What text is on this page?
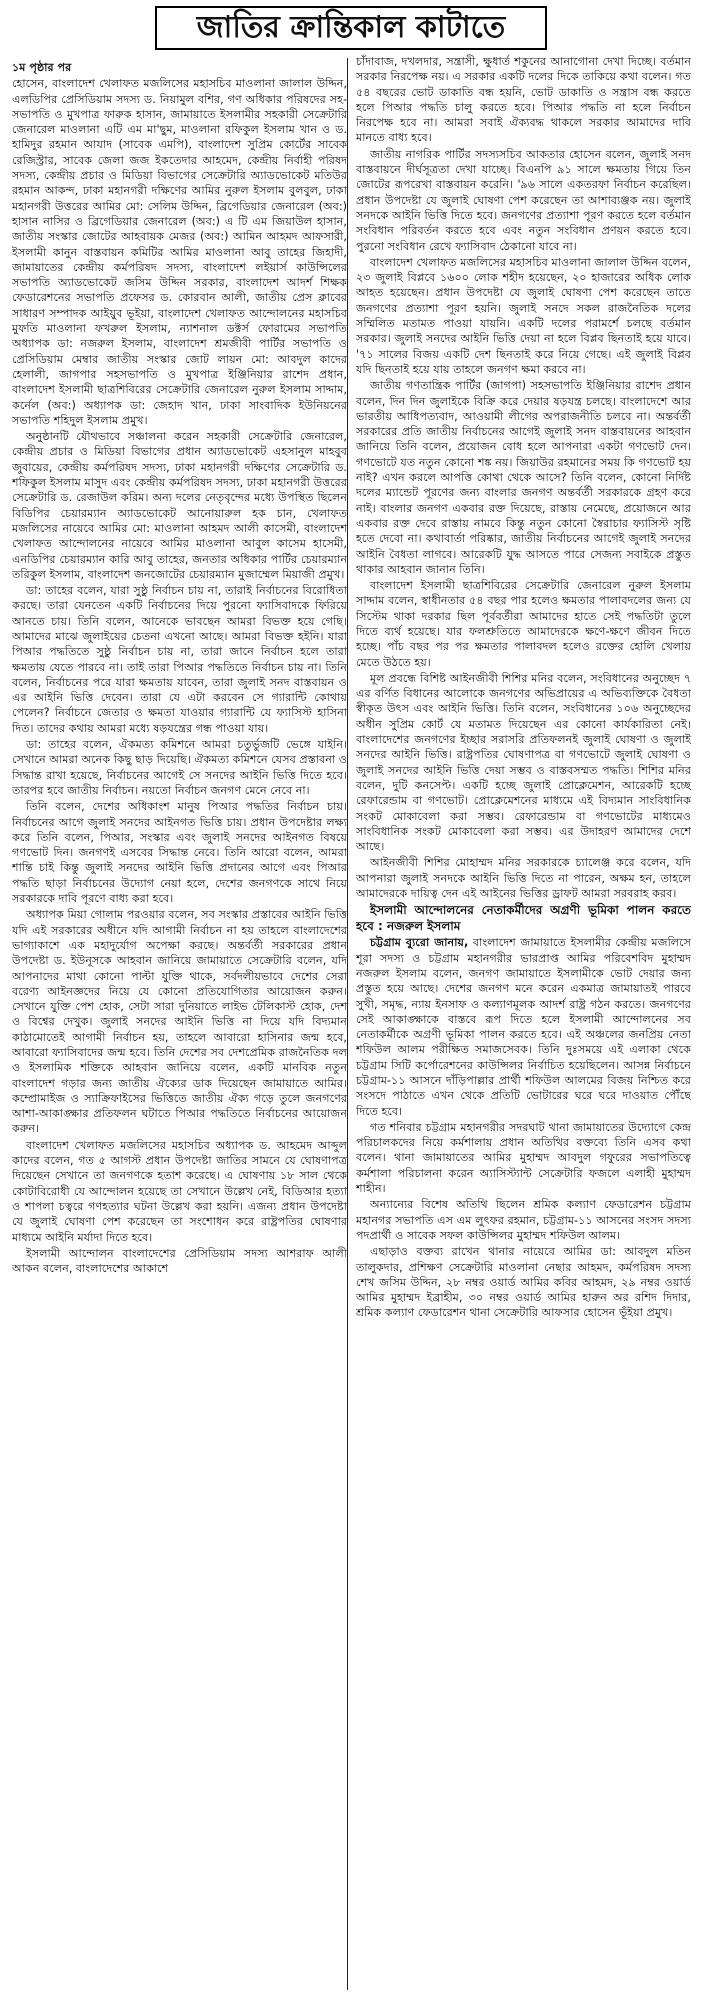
জাতির ক্রান্তিকাল কাটাতে

১ম পৃষ্ঠার পর

হোসেন, বাংলাদেশ খেলাফত মজলিসের মহাসচিব মাওলানা জালাল উদ্দিন, এলডিপির প্রেসিডিয়াম সদস্য ড. নিয়ামুল বশির, গণ অধিকার পরিষদের সহ-সভাপতি ও মুখপাত্র ফারুক হাসান, জামায়াতে ইসলামীর সহকারী সেক্রেটারি জেনারেল মাওলানা এটি এম মা'ছুম, মাওলানা রফিকুল ইসলাম খান ও ড. হামিদুর রহমান আযাদ (সাবেক এমপি), বাংলাদেশ সুপ্রিম কোর্টের সাবেক রেজিস্ট্রার, সাবেক জেলা জজ ইকতেদার আহমেদ, কেন্দ্রীয় নির্বাহী পরিষদ সদস্য, কেন্দ্রীয় প্রচার ও মিডিয়া বিভাগের সেক্রেটারি অ্যাডভোকেট মতিউর রহমান আকন্দ, ঢাকা মহানগরী দক্ষিণের আমির নুরুল ইসলাম বুলবুল, ঢাকা মহানগরী উত্তরের আমির মো: সেলিম উদ্দিন, ব্রিগেডিয়ার জেনারেল (অব:) হাসান নাসির ও ব্রিগেডিয়ার জেনারেল (অব:) এ টি এম জিয়াউল হাসান, জাতীয় সংস্কার জোটের আহবায়ক মেজর (অব:) আমিন আহমদ আফসারী, ইসলামী কানুন বাস্তবায়ন কমিটির আমির মাওলানা আবু তাহের জিহাদী, জামায়াতের কেন্দ্রীয় কর্মপরিষদ সদস্য, বাংলাদেশ লইয়ার্স কাউন্সিলের সভাপতি অ্যাডভোকেট জসিম উদ্দিন সরকার, বাংলাদেশ আদর্শ শিক্ষক ফেডারেশনের সভাপতি প্রফেসর ড. কোরবান আলী, জাতীয় প্রেস ক্লাবের সাধারণ সম্পাদক আইয়ুব ভূইয়া, বাংলাদেশ খেলাফত আন্দোলনের মহাসচিব মুফতি মাওলানা ফখরুল ইসলাম, ন্যাশনাল ডক্টর্স ফোরামের সভাপতি অধ্যাপক ডা: নজরুল ইসলাম, বাংলাদেশ শ্রমজীবী পার্টির সভাপতি ও প্রেসিডিয়াম মেম্বার জাতীয় সংস্কার জোট লায়ন মো: আবদুল কাদের হেলালী, জাগপার সহসভাপতি ও মুখপাত্র ইঞ্জিনিয়ার রাশেদ প্রধান, বাংলাদেশ ইসলামী ছাত্রশিবিরের সেক্রেটারি জেনারেল নুরুল ইসলাম সাদ্দাম, কর্নেল (অব:) অধ্যাপক ডা: জেহাদ খান, ঢাকা সাংবাদিক ইউনিয়নের সভাপতি শহিদুল ইসলাম প্রমুখ।

অনুষ্ঠানটি যৌথভাবে সঞ্চালনা করেন সহকারী সেক্রেটারি জেনারেল, কেন্দ্রীয় প্রচার ও মিডিয়া বিভাগের প্রধান অ্যাডভোকেট এহসানুল মাহবুব জুবায়ের, কেন্দ্রীয় কর্মপরিষদ সদস্য, ঢাকা মহানগরী দক্ষিণের সেক্রেটারি ড. শফিকুল ইসলাম মাসুদ এবং কেন্দ্রীয় কর্মপরিষদ সদস্য, ঢাকা মহানগরী উত্তরের সেক্রেটারি ড. রেজাউল করিম। অন্য দলের নেতৃবৃন্দের মধ্যে উপস্থিত ছিলেন বিডিপির চেয়ারম্যান অ্যাডভোকেট আনোয়ারুল হক চান, খেলাফত মজলিসের নায়েবে আমির মো: মাওলানা আহমদ আলী কাসেমী, বাংলাদেশ খেলাফত আন্দোলনের নায়েবে আমির মাওলানা আবুল কাসেম হাসেমী, এনডিপির চেয়ারম্যান কারি আবু তাহের, জনতার অধিকার পার্টির চেয়ারম্যান তরিকুল ইসলাম, বাংলাদেশ জনজোটের চেয়ারম্যান মুজাম্মেল মিয়াজী প্রমুখ।

ডা: তাহের বলেন, যারা সুষ্ঠু নির্বাচন চায় না, তারাই নির্বাচনের বিরোধিতা করছে। তারা যেনতেন একটি নির্বাচনের দিয়ে পুরনো ফ্যাসিবাদকে ফিরিয়ে আনতে চায়। তিনি বলেন, আনেকে ভাবছেন আমরা বিভক্ত হয়ে গেছি। আমাদের মাঝে জুলাইয়ের চেতনা এখনো আছে। আমরা বিভক্ত হইনি। যারা পিআর পদ্ধতিতে সুষ্ঠু নির্বাচন চায় না, তারা জানে নির্বাচন হলে তারা ক্ষমতায় যেতে পারবে না। তাই তারা পিআর পদ্ধতিতে নির্বাচন চায় না। তিনি বলেন, নির্বাচনের পরে যারা ক্ষমতায় যাবেন, তারা জুলাই সনদ বাস্তবায়ন ও এর আইনি ভিত্তি দেবেন। তারা যে এটা করবেন সে গ্যারান্টি কোথায় পেলেন? নির্বাচনে জেতার ও ক্ষমতা যাওয়ার গ্যারান্টি যে ফ্যাসিস্ট হাসিনা দিত। তাদের কথায় আমরা মধ্যে ষড়যন্ত্রের গন্ধ পাওয়া যায়।

ডা: তাহের বলেন, ঐকমত্য কমিশনে আমরা চতুর্ভুজটি ভেঙ্গে যাইনি। সেখানে আমরা অনেক কিছু ছাড় দিয়েছি। ঐকমত্য কমিশনে যেসব প্রস্তাবনা ও সিদ্ধান্ত রাখা হয়েছে, নির্বাচনের আগেই সে সনদের আইনি ভিত্তি দিতে হবে। তারপর হবে জাতীয় নির্বাচন। নয়তো নির্বাচন জনগণ মেনে নেবে না।

তিনি বলেন, দেশের অধিকাংশ মানুষ পিআর পদ্ধতির নির্বাচন চায়। নির্বাচনের আগে জুলাই সনদের আইনগত ভিত্তি চায়। প্রধান উপদেষ্টার লক্ষ্য করে তিনি বলেন, পিআর, সংস্কার এবং জুলাই সনদের আইনগত বিষয়ে গণভোট দিন। জনগণই এসবের সিদ্ধান্ত নেবে। তিনি আরো বলেন, আমরা শান্তি চাই কিন্তু জুলাই সনদের আইনি ভিত্তি প্রদানের আগে এবং পিআর পদ্ধতি ছাড়া নির্বাচনের উদ্যোগ নেয়া হলে, দেশের জনগণকে সাথে নিয়ে সরকারকে দাবি পূরণে বাধ্য করা হবে।

অধ্যাপক মিয়া গোলাম পরওয়ার বলেন, সব সংস্কার প্রস্তাবের আইনি ভিত্তি যদি এই সরকারের অধীনে যদি আগামী নির্বাচন না হয় তাহলে বাংলাদেশের ভাগ্যাকাশে এক মহাদুর্যোগ অপেক্ষা করছে। অন্তর্বর্তী সরকারের প্রধান উপদেষ্টা ড. ইউনূসকে আহবান জানিয়ে জামায়াতে সেক্রেটারি বলেন, যদি আপনাদের মাথা কোনো পাল্টা যুক্তি থাকে, সর্বদলীয়ভাবে দেশের সেরা বরেণ্য আইনজ্ঞদের নিয়ে যে কোনো প্রতিযোগিতার আয়োজন করুন। সেখানে যুক্তি পেশ হোক, সেটা সারা দুনিয়াতে লাইভ টেলিকাস্ট হোক, দেশ ও বিশ্বের দেখুক। জুলাই সনদের আইনি ভিত্তি না দিয়ে যদি বিদ্যমান কাঠামোতেই আগামী নির্বাচন হয়, তাহলে আবারো হাসিনার জন্ম হবে, আবারো ফ্যাসিবাদের জন্ম হবে। তিনি দেশের সব দেশপ্রেমিক রাজনৈতিক দল ও ইসলামিক শক্তিকে আহবান জানিয়ে বলেন, একটি মানবিক নতুন বাংলাদেশ গড়ার জন্য জাতীয় ঐক্যের ডাক দিয়েছেন জামায়াতে আমির। কম্প্রোমাইজ ও স্যাক্রিফাইসের ভিত্তিতে জাতীয় ঐক্য গড়ে তুলে জনগণের আশা-আকাঙ্ক্ষার প্রতিফলন ঘটাতে পিআর পদ্ধতিতে নির্বাচনের আয়োজন করুন।

বাংলাদেশ খেলাফত মজলিসের মহাসচিব অধ্যাপক ড. আহমেদ আব্দুল কাদের বলেন, গত ৫ আগস্ট প্রধান উপদেষ্টা জাতির সামনে যে ঘোষণাপত্র দিয়েছেন সেখানে তা জনগণকে হতাশ করেছে। এ ঘোষণায় ১৮ সাল থেকে কোটাবিরোধী যে আন্দোলন হয়েছে তা সেখানে উল্লেখ নেই, বিডিআর হত্যা ও শাপলা চত্বরে গণহত্যার ঘটনা উল্লেখ করা হয়নি। এজন্য প্রধান উপদেষ্টা যে জুলাই ঘোষণা পেশ করেছেন তা সংশোধন করে রাষ্ট্রপতির ঘোষণার মাধ্যমে আইনি মর্যাদা দিতে হবে।

ইসলামী আন্দোলন বাংলাদেশের প্রেসিডিয়াম সদস্য আশরাফ আলী আকন বলেন, বাংলাদেশের আকাশে

চাঁদাবাজ, দখলদার, সন্ত্রাসী, ক্ষুধার্ত শকুনের আনাগোনা দেখা দিচ্ছে। বর্তমান সরকার নিরপেক্ষ নয়। এ সরকার একটি দলের দিকে তাকিয়ে কথা বলেন। গত ৫৪ বছরের ভোট ডাকাতি বন্ধ হয়নি, ভোট ডাকাতি ও সন্ত্রাস বন্ধ করতে হলে পিআর পদ্ধতি চালু করতে হবে। পিআর পদ্ধতি না হলে নির্বাচন নিরপেক্ষ হবে না। আমরা সবাই ঐক্যবদ্ধ থাকলে সরকার আমাদের দাবি মানতে বাধ্য হবে।

জাতীয় নাগরিক পার্টির সদস্যসচিব আকতার হোসেন বলেন, জুলাই সনদ বাস্তবায়নে দীর্ঘসূত্রতা দেখা যাচ্ছে। বিএনপি ৯১ সালে ক্ষমতায় গিয়ে তিন জোটের রূপরেখা বাস্তবায়ন করেনি। '৯৬ সালে একতরফা নির্বাচন করেছিল। প্রধান উপদেষ্টা যে জুলাই ঘোষণা পেশ করেছেন তা আশাব্যঞ্জক নয়। জুলাই সনদকে আইনি ভিত্তি দিতে হবে। জনগণের প্রত্যাশা পূরণ করতে হলে বর্তমান সংবিধান পরিবর্তন করতে হবে এবং নতুন সংবিধান প্রণয়ন করতে হবে। পুরনো সংবিধান রেখে ফ্যাসিবাদ ঠেকানো যাবে না।

বাংলাদেশ খেলাফত মজলিসের মহাসচিব মাওলানা জালাল উদ্দিন বলেন, ২৩ জুলাই বিপ্লবে ১৬০০ লোক শহীদ হয়েছেন, ২০ হাজারের অধিক লোক আহত হয়েছেন। প্রধান উপদেষ্টা যে জুলাই ঘোষণা পেশ করেছেন তাতে জনগণের প্রত্যাশা পূরণ হয়নি। জুলাই সনদে সকল রাজনৈতিক দলের সম্মিলিত মতামত পাওয়া যায়নি। একটি দলের পরামর্শে চলছে বর্তমান সরকার। জুলাই সনদের আইনি ভিত্তি দেয়া না হলে বিপ্লব ছিনতাই হয়ে যাবে। '৭১ সালের বিজয় একটি দেশ ছিনতাই করে নিয়ে গেছে। এই জুলাই বিপ্লব যদি ছিনতাই হয়ে যায় তাহলে জনগণ ক্ষমা করবে না।

জাতীয় গণতান্ত্রিক পার্টির (জাগপা) সহসভাপতি ইঞ্জিনিয়ার রাশেদ প্রধান বলেন, দিন দিন জুলাইকে বিক্রি করে দেয়ার ষড়যন্ত্র চলছে। বাংলাদেশে আর ভারতীয় আধিপত্যবাদ, আওয়ামী লীগের অপরাজনীতি চলবে না। অন্তর্বর্তী সরকারের প্রতি জাতীয় নির্বাচনের আগেই জুলাই সনদ বাস্তবায়নের আহবান জানিয়ে তিনি বলেন, প্রয়োজন বোধ হলে আপনারা একটা গণভোট দেন। গণভোটে যত নতুন কোনো শঙ্ক নয়। জিয়াউর রহমানের সময় কি গণভোট হয় নাই? এখন করলে আপত্তি কোথা থেকে আসে? তিনি বলেন, কোনো নির্দিষ্ট দলের ম্যান্ডেট পূরণের জন্য বাংলার জনগণ অন্তর্বর্তী সরকারকে গ্রহণ করে নাই। বাংলার জনগণ একবার রক্ত দিয়েছে, রাস্তায় নেমেছে, প্রয়োজনে আর একবার রক্ত দেবে রাস্তায় নামবে কিন্তু নতুন কোনো স্বৈরাচার ফ্যাসিস্ট সৃষ্টি হতে দেবো না। কথাবার্তা পরিষ্কার, জাতীয় নির্বাচনের আগেই জুলাই সনদের আইনি বৈধতা লাগবে। আরেকটি যুদ্ধ আসতে পারে সেজন্য সবাইকে প্রস্তুত থাকার আহবান জানান তিনি।

বাংলাদেশ ইসলামী ছাত্রশিবিরের সেক্রেটারি জেনারেল নুরুল ইসলাম সাদ্দাম বলেন, স্বাধীনতার ৫৪ বছর পার হলেও ক্ষমতার পালাবদলের জন্য যে সিস্টেম থাকা দরকার ছিল পূর্ববর্তীরা আমাদের হাতে সেই পদ্ধতিটা তুলে দিতে ব্যর্থ হয়েছে। যার ফলশ্রুতিতে আমাদেরকে ক্ষণে-ক্ষণে জীবন দিতে হচ্ছে। পাঁচ বছর পর পর ক্ষমতার পালাবদল হলেও রক্তের হোলি খেলায় মেতে উঠতে হয়।

মূল প্রবন্ধে বিশিষ্ট আইনজীবী শিশির মনির বলেন, সংবিধানের অনুচ্ছেদ ৭ এর বর্ণিত বিধানের আলোকে জনগণের অভিপ্রায়ের এ অভিব্যক্তিকে বৈধতা স্বীকৃত উৎস এবং আইনি ভিত্তি। তিনি বলেন, সংবিধানের ১০৬ অনুচ্ছেদের অধীন সুপ্রিম কোর্ট যে মতামত দিয়েছেন এর কোনো কার্যকারিতা নেই। বাংলাদেশের জনগণের ইচ্ছার সরাসরি প্রতিফলনই জুলাই ঘোষণা ও জুলাই সনদের আইনি ভিত্তি। রাষ্ট্রপতির ঘোষণাপত্র বা গণভোটে জুলাই ঘোষণা ও জুলাই সনদের আইনি ভিত্তি দেয়া সম্ভব ও বাস্তবসম্মত পদ্ধতি। শিশির মনির বলেন, দুটি কনসেপ্ট। একটি হচ্ছে জুলাই প্রোক্লেমেশন, আরেকটি হচ্ছে রেফারেন্ডাম বা গণভোট। প্রোক্লেমেশনের মাধ্যমে এই বিদ্যমান সাংবিধানিক সংকট মোকাবেলা করা সম্ভব। রেফারেন্ডাম বা গণভোটের মাধ্যমেও সাংবিধানিক সংকট মোকাবেলা করা সম্ভব। এর উদাহরণ আমাদের দেশে আছে।

আইনজীবী শিশির মোহাম্মদ মনির সরকারকে চ্যালেঞ্জ করে বলেন, যদি আপনারা জুলাই সনদকে আইনি ভিত্তি দিতে না পারেন, অক্ষম হন, তাহলে আমাদেরকে দায়িত্ব দেন এই আইনের ভিত্তির ড্রাফট আমরা সরবরাহ করব।

ইসলামী আন্দোলনের নেতাকর্মীদের অগ্রণী ভূমিকা পালন করতে হবে : নজরুল ইসলাম

চট্টগ্রাম ব্যুরো জানায়, বাংলাদেশ জামায়াতে ইসলামীর কেন্দ্রীয় মজলিসে শূরা সদস্য ও চট্টগ্রাম মহানগরীর ভারপ্রাপ্ত আমির পরিবেশবিদ মুহাম্মদ নজরুল ইসলাম বলেন, জনগণ জামায়াতে ইসলামীকে ভোট দেয়ার জন্য প্রস্তুত হয়ে আছে। দেশের জনগণ মনে করেন একমাত্র জামায়াতই পারবে সুখী, সমৃদ্ধ, ন্যায় ইনসাফ ও কল্যাণমূলক আদর্শ রাষ্ট্র গঠন করতে। জনগণের সেই আকাঙ্ক্ষাকে বাস্তবে রূপ দিতে হলে ইসলামী আন্দোলনের সব নেতাকর্মীকে অগ্রণী ভূমিকা পালন করতে হবে। এই অঞ্চলের জনপ্রিয় নেতা শফিউল আলম পরীক্ষিত সমাজসেবক। তিনি দুঃসময়ে এই এলাকা থেকে চট্টগ্রাম সিটি কর্পোরেশনের কাউন্সিলর নির্বাচিত হয়েছিলেন। আসন্ন নির্বাচনে চট্টগ্রাম-১১ আসনে দাঁড়িপাল্লার প্রার্থী শফিউল আলমের বিজয় নিশ্চিত করে সংসদে পাঠাতে এখন থেকে প্রতিটি ভোটারের ঘরে ঘরে দাওয়াত পৌঁছে দিতে হবে।

গত শনিবার চট্টগ্রাম মহানগরীর সদরঘাট থানা জামায়াতের উদ্যোগে কেন্দ্র পরিচালকদের নিয়ে কর্মশালায় প্রধান অতিথির বক্তব্যে তিনি এসব কথা বলেন। থানা জামায়াতের আমির মুহাম্মদ আবদুল গফুরের সভাপতিত্বে কর্মশালা পরিচালনা করেন অ্যাসিস্ট্যান্ট সেক্রেটারি ফজলে এলাহী মুহাম্মদ শাহীন।

অন্যান্যের বিশেষ অতিথি ছিলেন শ্রমিক কল্যাণ ফেডারেশন চট্টগ্রাম মহানগর সভাপতি এস এম লুৎফর রহমান, চট্টগ্রাম-১১ আসনের সংসদ সদস্য পদপ্রার্থী ও সাবেক সফল কাউন্সিলর মুহাম্মদ শফিউল আলম।

এছাড়াও বক্তব্য রাখেন থানার নায়েবে আমির ডা: আবদুল মতিন তালুকদার, প্রশিক্ষণ সেক্রেটারি মাওলানা নেছার আহমদ, কর্মপরিষদ সদস্য শেখ জসিম উদ্দিন, ২৮ নম্বর ওয়ার্ড আমির কবির আহমদ, ২৯ নম্বর ওয়ার্ড আমির মুহাম্মদ ইব্রাহীম, ৩০ নম্বর ওয়ার্ড আমির হারুন অর রশিদ দিদার, শ্রমিক কল্যাণ ফেডারেশন থানা সেক্রেটারি আফসার হোসেন ভূঁইয়া প্রমুখ।
